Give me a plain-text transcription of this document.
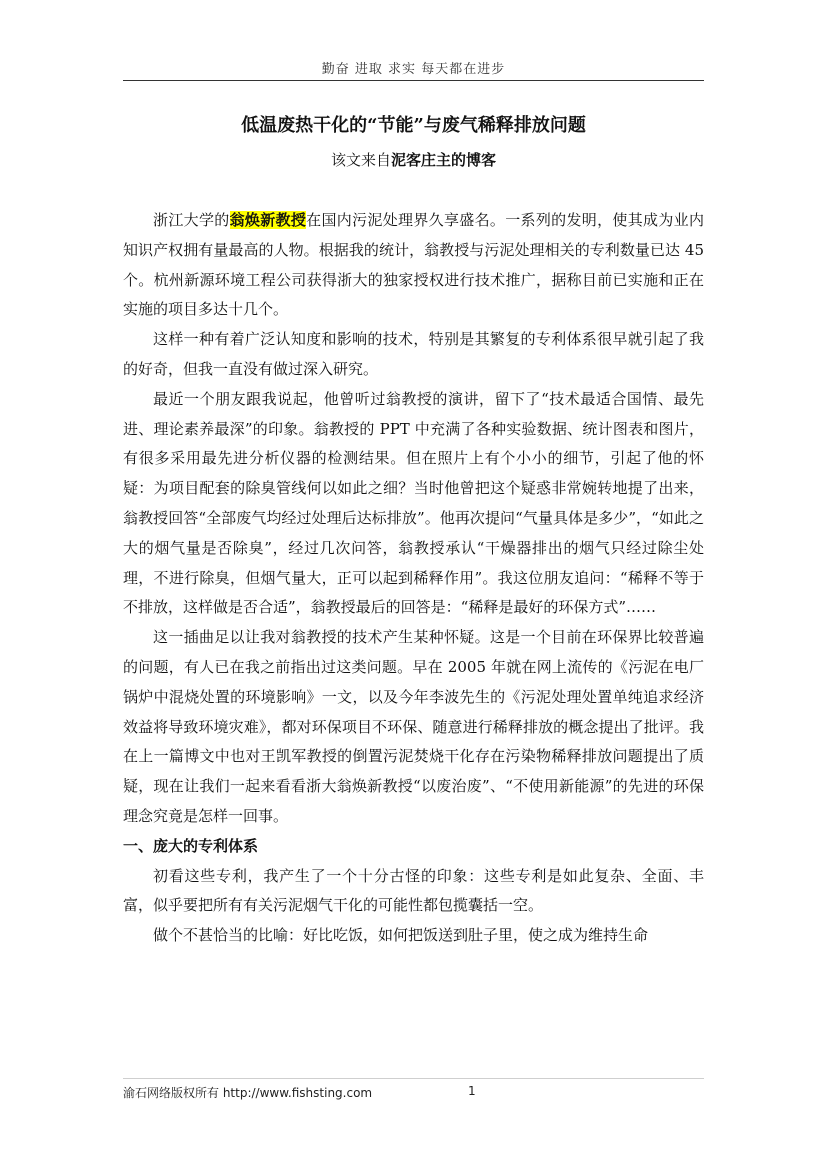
勤奋 进取 求实 每天都在进步
低温废热干化的“节能”与废气稀释排放问题
该文来自泥客庄主的博客

浙江大学的翁焕新教授在国内污泥处理界久享盛名。一系列的发明，使其成为业内知识产权拥有量最高的人物。根据我的统计，翁教授与污泥处理相关的专利数量已达 45 个。杭州新源环境工程公司获得浙大的独家授权进行技术推广，据称目前已实施和正在实施的项目多达十几个。

这样一种有着广泛认知度和影响的技术，特别是其繁复的专利体系很早就引起了我的好奇，但我一直没有做过深入研究。

最近一个朋友跟我说起，他曾听过翁教授的演讲，留下了“技术最适合国情、最先进、理论素养最深”的印象。翁教授的 PPT 中充满了各种实验数据、统计图表和图片，有很多采用最先进分析仪器的检测结果。但在照片上有个小小的细节，引起了他的怀疑：为项目配套的除臭管线何以如此之细？当时他曾把这个疑惑非常婉转地提了出来，翁教授回答“全部废气均经过处理后达标排放”。他再次提问“气量具体是多少”，“如此之大的烟气量是否除臭”，经过几次问答，翁教授承认“干燥器排出的烟气只经过除尘处理，不进行除臭，但烟气量大，正可以起到稀释作用”。我这位朋友追问：“稀释不等于不排放，这样做是否合适”，翁教授最后的回答是：“稀释是最好的环保方式”……

这一插曲足以让我对翁教授的技术产生某种怀疑。这是一个目前在环保界比较普遍的问题，有人已在我之前指出过这类问题。早在 2005 年就在网上流传的《污泥在电厂锅炉中混烧处置的环境影响》一文，以及今年李波先生的《污泥处理处置单纯追求经济效益将导致环境灾难》，都对环保项目不环保、随意进行稀释排放的概念提出了批评。我在上一篇博文中也对王凯军教授的倒置污泥焚烧干化存在污染物稀释排放问题提出了质疑，现在让我们一起来看看浙大翁焕新教授“以废治废”、“不使用新能源”的先进的环保理念究竟是怎样一回事。

一、庞大的专利体系

初看这些专利，我产生了一个十分古怪的印象：这些专利是如此复杂、全面、丰富，似乎要把所有有关污泥烟气干化的可能性都包揽囊括一空。

做个不甚恰当的比喻：好比吃饭，如何把饭送到肚子里，使之成为维持生命

渝石网络版权所有 http://www.fishsting.com	1
